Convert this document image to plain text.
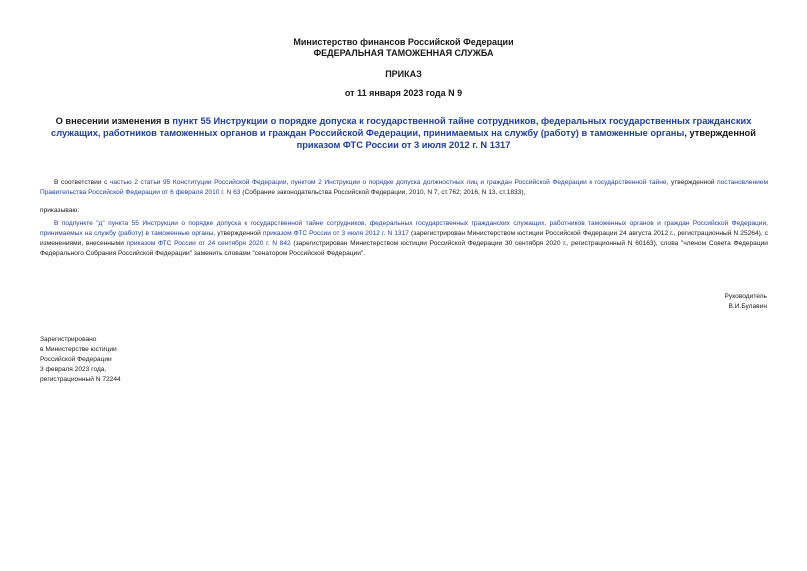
Министерство финансов Российской Федерации
ФЕДЕРАЛЬНАЯ ТАМОЖЕННАЯ СЛУЖБА
ПРИКАЗ
от 11 января 2023 года N 9
О внесении изменения в пункт 55 Инструкции о порядке допуска к государственной тайне сотрудников, федеральных государственных гражданских служащих, работников таможенных органов и граждан Российской Федерации, принимаемых на службу (работу) в таможенные органы, утвержденной приказом ФТС России от 3 июля 2012 г. N 1317
В соответствии с частью 2 статьи 95 Конституции Российской Федерации, пунктом 2 Инструкции о порядке допуска должностных лиц и граждан Российской Федерации к государственной тайне, утвержденной постановлением Правительства Российской Федерации от 6 февраля 2010 г. N 63 (Собрание законодательства Российской Федерации, 2010, N 7, ст.762; 2016, N 13, ст.1833),
приказываю:
В подпункте "д" пункта 55 Инструкции о порядке допуска к государственной тайне сотрудников, федеральных государственных гражданских служащих, работников таможенных органов и граждан Российской Федерации, принимаемых на службу (работу) в таможенные органы, утвержденной приказом ФТС России от 3 июля 2012 г. N 1317 (зарегистрирован Министерством юстиции Российской Федерации 24 августа 2012 г., регистрационный N 25264), с изменениями, внесенными приказом ФТС России от 24 сентября 2020 г. N 842 (зарегистрирован Министерством юстиции Российской Федерации 30 сентября 2020 г., регистрационный N 60163), слова "членом Совета Федерации Федерального Собрания Российской Федерации" заменить словами "сенатором Российской Федерации".
Руководитель
В.И.Булавин
Зарегистрировано
в Министерстве юстиции
Российской Федерации
3 февраля 2023 года,
регистрационный N 72244
